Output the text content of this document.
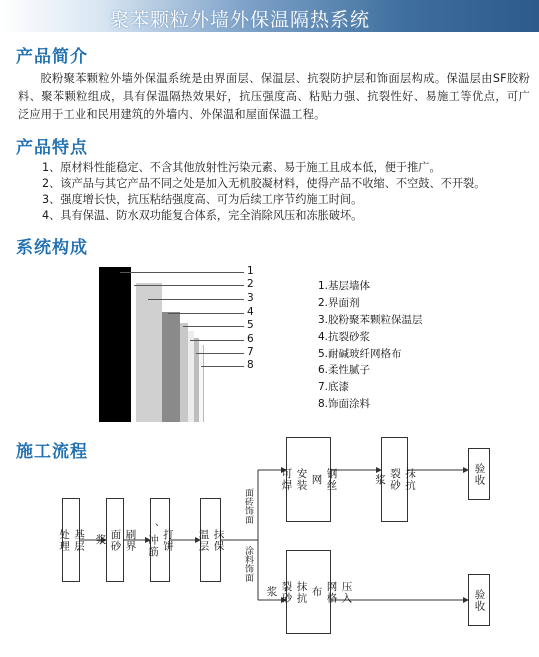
聚苯颗粒外墙外保温隔热系统
产品简介
胶粉聚苯颗粒外墙外保温系统是由界面层、保温层、抗裂防护层和饰面层构成。保温层由SF胶粉料、聚苯颗粒组成，具有保温隔热效果好，抗压强度高、粘贴力强、抗裂性好、易施工等优点，可广泛应用于工业和民用建筑的外墙内、外保温和屋面保温工程。
产品特点
1、原材料性能稳定、不含其他放射性污染元素、易于施工且成本低，便于推广。
2、该产品与其它产品不同之处是加入无机胶凝材料，使得产品不收缩、不空鼓、不开裂。
3、强度增长快，抗压粘结强度高、可为后续工序节约施工时间。
4、具有保温、防水双功能复合体系，完全消除风压和冻胀破坏。
系统构成
1
2
3
4
5
6
7
8
1.基层墙体
2.界面剂
3.胶粉聚苯颗粒保温层
4.抗裂砂浆
5.耐碱玻纤网格布
6.柔性腻子
7.底漆
8.饰面涂料
施工流程
基层
处理	刷界
面砂
浆	打饼
、冲筋	抹保
温层
面砖饰面
涂料饰面
钢丝
网
安装
可焊	抹抗
裂砂
浆	验收
压入
网格
布
抹抗
裂砂
浆	验收
